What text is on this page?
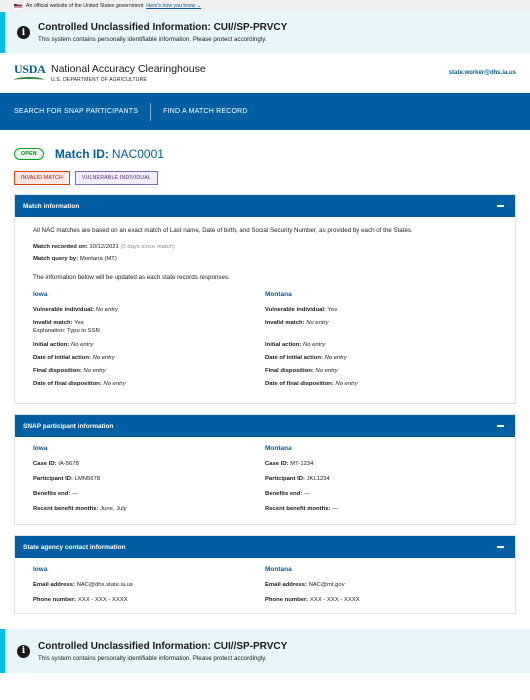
An official website of the United States government Here's how you know ⌄
i	Controlled Unclassified Information: CUI//SP-PRVCY
This system contains personally identifiable information. Please protect accordingly.
USDA National Accuracy Clearinghouse
U.S. DEPARTMENT OF AGRICULTURE
state.worker@dhs.ia.us
SEARCH FOR SNAP PARTICIPANTS	FIND A MATCH RECORD
OPEN	Match ID: NAC0001
INVALID MATCH	VULNERABLE INDIVIDUAL
Match information
All NAC matches are based on an exact match of Last name, Date of birth, and Social Security Number, as provided by each of the States.
Match recorded on: 10/12/2021 (0 days since match)
Match query by: Montana (MT)
The information below will be updated as each state records responses.
Iowa
Vulnerable individual: No entry
Invalid match: Yes
Explanation: Typo in SSN
Initial action: No entry
Date of initial action: No entry
Final disposition: No entry
Date of final disposition: No entry
Montana
Vulnerable individual: Yes
Invalid match: No entry
Initial action: No entry
Date of initial action: No entry
Final disposition: No entry
Date of final disposition: No entry
SNAP participant information
Iowa
Case ID: IA-5678
Participant ID: LMN5678
Benefits end: —
Recent benefit months: June, July
Montana
Case ID: MT-1234
Participant ID: JKL1234
Benefits end: —
Recent benefit months: —
State agency contact information
Iowa
Email address: NAC@dhs.state.ia.us
Phone number: XXX - XXX - XXXX
Montana
Email address: NAC@mt.gov
Phone number: XXX - XXX - XXXX
i	Controlled Unclassified Information: CUI//SP-PRVCY
This system contains personally identifiable information. Please protect accordingly.
